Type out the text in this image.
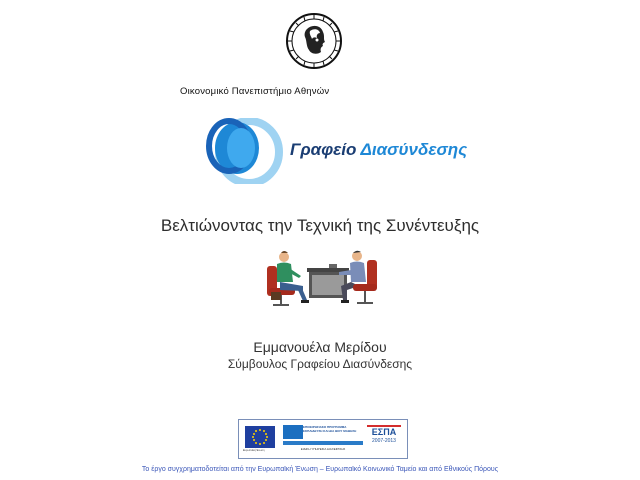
Οικονομικό Πανεπιστήμιο Αθηνών
Γραφείο Διασύνδεσης
Βελτιώνοντας την Τεχνική της Συνέντευξης
Εμμανουέλα Μερίδου
Σύμβουλος Γραφείου Διασύνδεσης
Ευρωπαϊκή Ένωση
ΕΠΙΧΕΙΡΗΣΙΑΚΟ ΠΡΟΓΡΑΜΜΑ ΕΚΠΑΙΔΕΥΣΗ ΚΑΙ ΔΙΑ ΒΙΟΥ ΜΑΘΗΣΗ
ΕΙΔΙΚΗ ΥΠΗΡΕΣΙΑ ΔΙΑΧΕΙΡΙΣΗΣ
ΕΣΠΑ
2007-2013
Το έργο συγχρηματοδοτείται από την Ευρωπαϊκή Ένωση – Ευρωπαϊκό Κοινωνικό Ταμείο και από Εθνικούς Πόρους
